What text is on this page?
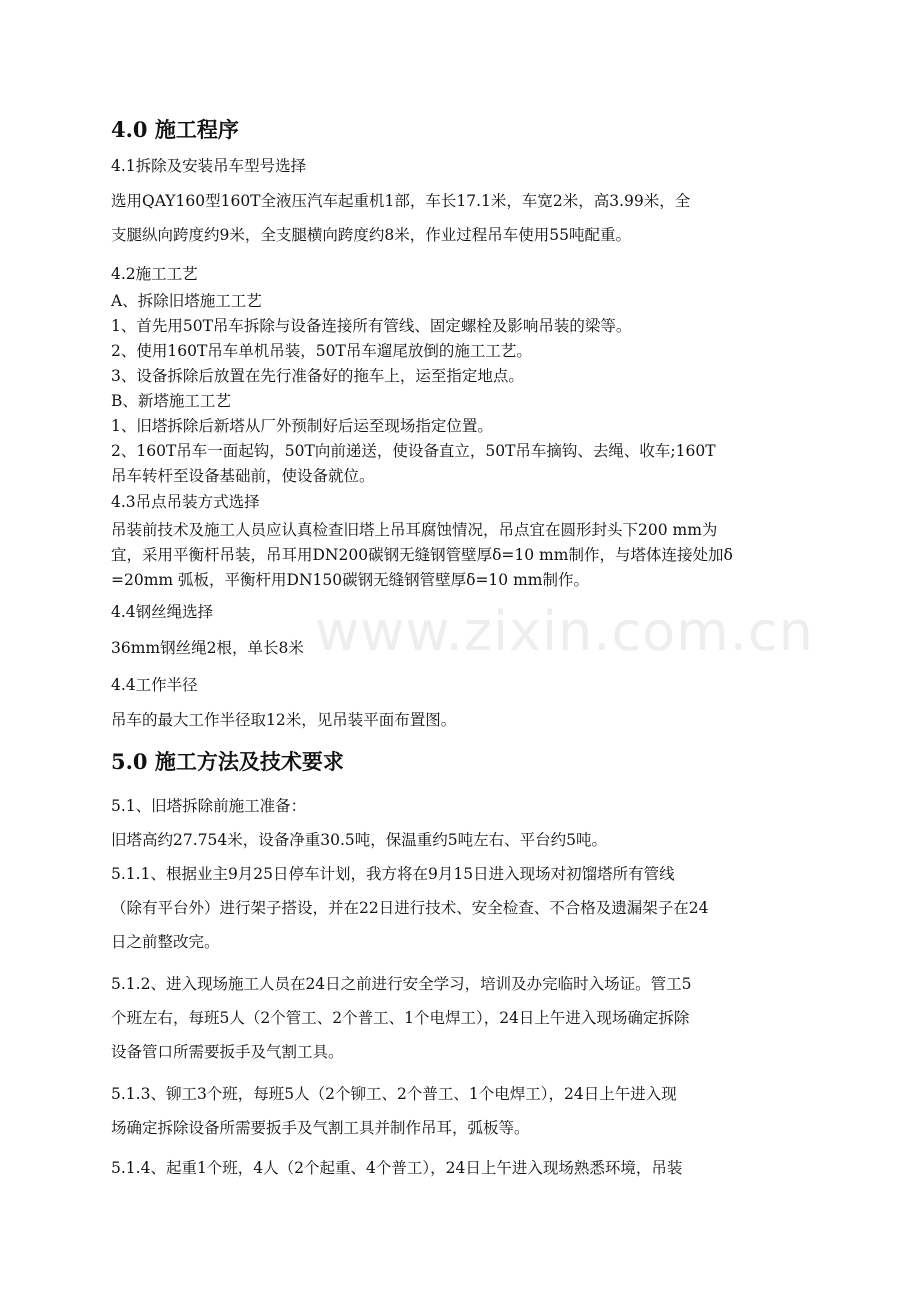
4.0 施工程序
4.1拆除及安装吊车型号选择
选用QAY160型160T全液压汽车起重机1部，车长17.1米，车宽2米，高3.99米，全
支腿纵向跨度约9米，全支腿横向跨度约8米，作业过程吊车使用55吨配重。
4.2施工工艺
A、拆除旧塔施工工艺
1、首先用50T吊车拆除与设备连接所有管线、固定螺栓及影响吊装的梁等。
2、使用160T吊车单机吊装，50T吊车遛尾放倒的施工工艺。
3、设备拆除后放置在先行准备好的拖车上，运至指定地点。
B、新塔施工工艺
1、旧塔拆除后新塔从厂外预制好后运至现场指定位置。
2、160T吊车一面起钩，50T向前递送，使设备直立，50T吊车摘钩、去绳、收车;160T
吊车转杆至设备基础前，使设备就位。
4.3吊点吊装方式选择
吊装前技术及施工人员应认真检查旧塔上吊耳腐蚀情况，吊点宜在圆形封头下200 mm为
宜，采用平衡杆吊装，吊耳用DN200碳钢无缝钢管壁厚δ=10 mm制作，与塔体连接处加δ
=20mm 弧板，平衡杆用DN150碳钢无缝钢管壁厚δ=10 mm制作。
4.4钢丝绳选择
36mm钢丝绳2根，单长8米
4.4工作半径
吊车的最大工作半径取12米，见吊装平面布置图。
5.0 施工方法及技术要求
5.1、旧塔拆除前施工准备：
旧塔高约27.754米，设备净重30.5吨，保温重约5吨左右、平台约5吨。
5.1.1、根据业主9月25日停车计划，我方将在9月15日进入现场对初馏塔所有管线
（除有平台外）进行架子搭设，并在22日进行技术、安全检查、不合格及遗漏架子在24
日之前整改完。
5.1.2、进入现场施工人员在24日之前进行安全学习，培训及办完临时入场证。管工5
个班左右，每班5人（2个管工、2个普工、1个电焊工），24日上午进入现场确定拆除
设备管口所需要扳手及气割工具。
5.1.3、铆工3个班，每班5人（2个铆工、2个普工、1个电焊工），24日上午进入现
场确定拆除设备所需要扳手及气割工具并制作吊耳，弧板等。
5.1.4、起重1个班，4人（2个起重、4个普工），24日上午进入现场熟悉环境，吊装
www.zixin.com.cn
